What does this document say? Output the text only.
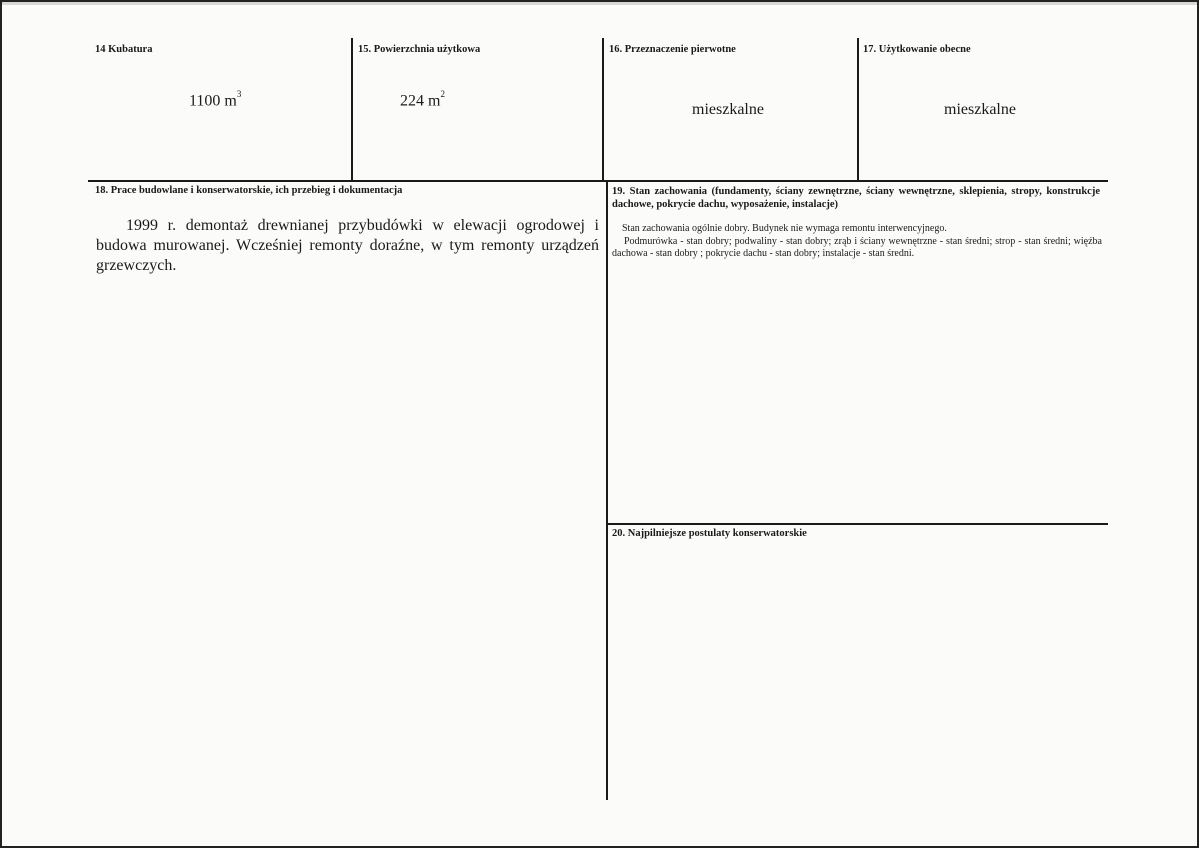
14 Kubatura
1100 $m^3$
15. Powierzchnia użytkowa
224 $m^2$
16. Przeznaczenie pierwotne
mieszkalne
17. Użytkowanie obecne
mieszkalne
18. Prace budowlane i konserwatorskie, ich przebieg i dokumentacja
1999 r. demontaż drewnianej przybudówki w elewacji ogrodowej i budowa murowanej. Wcześniej remonty doraźne, w tym remonty urządzeń grzewczych.
19. Stan zachowania (fundamenty, ściany zewnętrzne, ściany wewnętrzne, sklepienia, stropy, konstrukcje dachowe, pokrycie dachu, wyposażenie, instalacje)

Stan zachowania ogólnie dobry. Budynek nie wymaga remontu interwencyjnego.

Podmurówka - stan dobry; podwaliny - stan dobry; zrąb i ściany wewnętrzne - stan średni; strop - stan średni; więźba dachowa - stan dobry ; pokrycie dachu - stan dobry; instalacje - stan średni.

20. Najpilniejsze postulaty konserwatorskie
